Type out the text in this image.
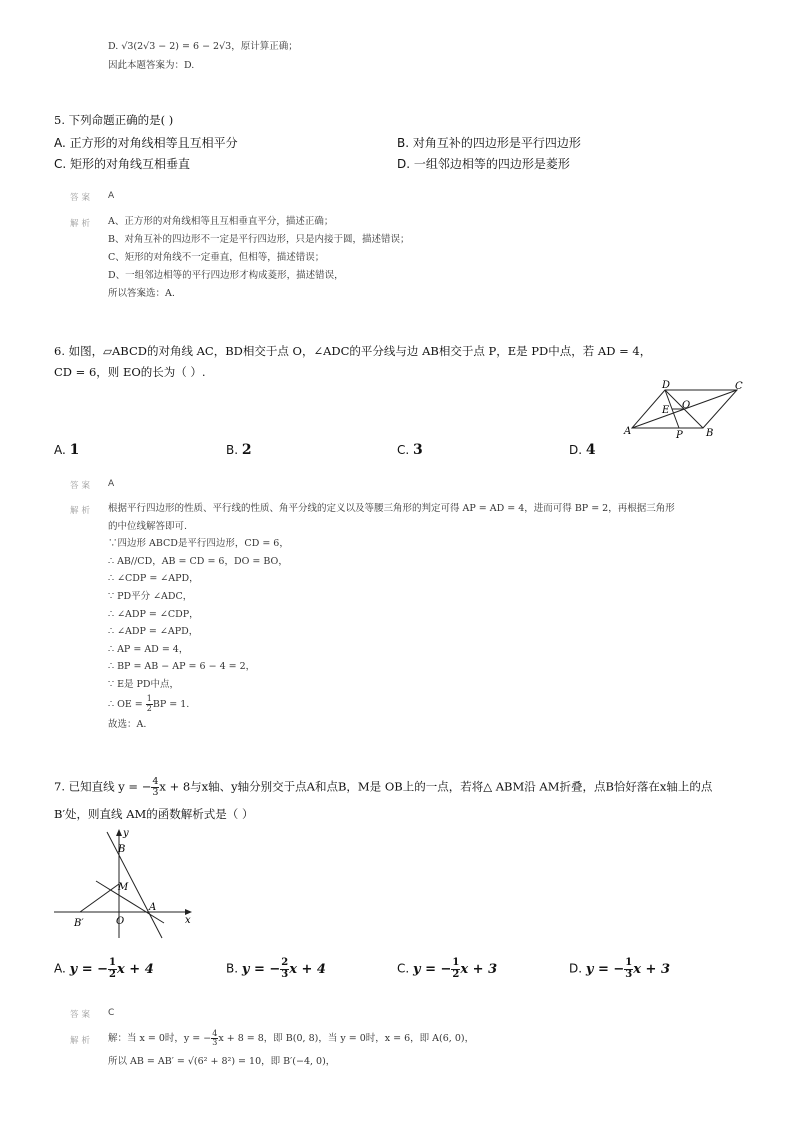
D. √3(2√3 − 2) = 6 − 2√3，原计算正确；
因此本题答案为：D.
5. 下列命题正确的是( )
A. 正方形的对角线相等且互相平分	B. 对角互补的四边形是平行四边形
C. 矩形的对角线互相垂直	D. 一组邻边相等的四边形是菱形
答案 A
解析 A、正方形的对角线相等且互相垂直平分，描述正确；
B、对角互补的四边形不一定是平行四边形，只是内接于圆，描述错误；
C、矩形的对角线不一定垂直，但相等，描述错误；
D、一组邻边相等的平行四边形才构成菱形，描述错误，
所以答案选：A.
6. 如图，▱ABCD的对角线 AC，BD相交于点 O，∠ADC的平分线与边 AB相交于点 P，E是 PD中点，若 AD = 4，
CD = 6，则 EO的长为（ ）.
A	B
C
D
O
E
P
A. 1	B. 2	C. 3	D. 4
答案 A
解析 根据平行四边形的性质、平行线的性质、角平分线的定义以及等腰三角形的判定可得 AP = AD = 4，进而可得 BP = 2，再根据三角形
的中位线解答即可.
∵四边形 ABCD是平行四边形，CD = 6，
∴ AB//CD，AB = CD = 6，DO = BO，
∴ ∠CDP = ∠APD，
∵ PD平分 ∠ADC，
∴ ∠ADP = ∠CDP，
∴ ∠ADP = ∠APD，
∴ AP = AD = 4，
∴ BP = AB − AP = 6 − 4 = 2，
∵ E是 PD中点，
∴ OE = $\frac{1}{2}$ BP = 1.
故选：A.
7. 已知直线 y = − $\frac{4}{3}$ x + 8与x轴、y轴分别交于点A和点B，M是 OB上的一点，若将△ ABM沿 AM折叠，点B恰好落在x轴上的点
B′处，则直线 AM的函数解析式是（ ）
y
x
B
M
O
A
B′
A. y = − $\frac{1}{2}$ x + 4	B. y = − $\frac{2}{3}$ x + 4	C. y = − $\frac{1}{2}$ x + 3	D. y = − $\frac{1}{3}$ x + 3
答案 C
解析 解：当 x = 0时，y = − $\frac{4}{3}$ x + 8 = 8，即 B(0, 8)，当 y = 0时，x = 6，即 A(6, 0)，
所以 AB = AB′ = √(6² + 8²) = 10，即 B′(−4, 0)，
